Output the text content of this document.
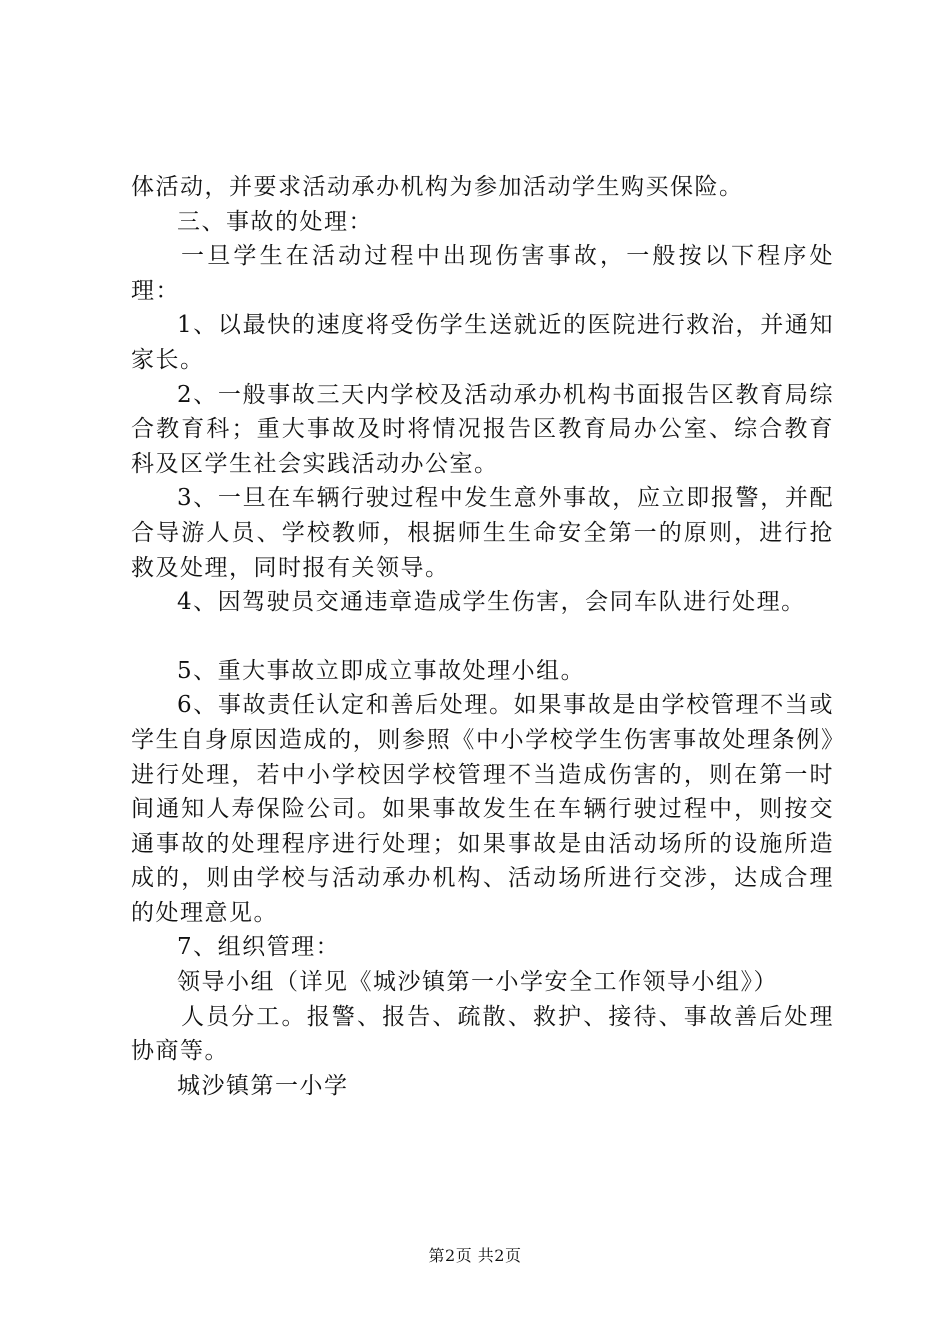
体活动，并要求活动承办机构为参加活动学生购买保险。

三、事故的处理：

一旦学生在活动过程中出现伤害事故，一般按以下程序处理：

1、以最快的速度将受伤学生送就近的医院进行救治，并通知家长。

2、一般事故三天内学校及活动承办机构书面报告区教育局综合教育科；重大事故及时将情况报告区教育局办公室、综合教育科及区学生社会实践活动办公室。

3、一旦在车辆行驶过程中发生意外事故，应立即报警，并配合导游人员、学校教师，根据师生生命安全第一的原则，进行抢救及处理，同时报有关领导。

4、因驾驶员交通违章造成学生伤害，会同车队进行处理。

5、重大事故立即成立事故处理小组。

6、事故责任认定和善后处理。如果事故是由学校管理不当或学生自身原因造成的，则参照《中小学校学生伤害事故处理条例》进行处理，若中小学校因学校管理不当造成伤害的，则在第一时间通知人寿保险公司。如果事故发生在车辆行驶过程中，则按交通事故的处理程序进行处理；如果事故是由活动场所的设施所造成的，则由学校与活动承办机构、活动场所进行交涉，达成合理的处理意见。

7、组织管理：

领导小组（详见《城沙镇第一小学安全工作领导小组》）

人员分工。报警、报告、疏散、救护、接待、事故善后处理协商等。

城沙镇第一小学

第2页 共2页
